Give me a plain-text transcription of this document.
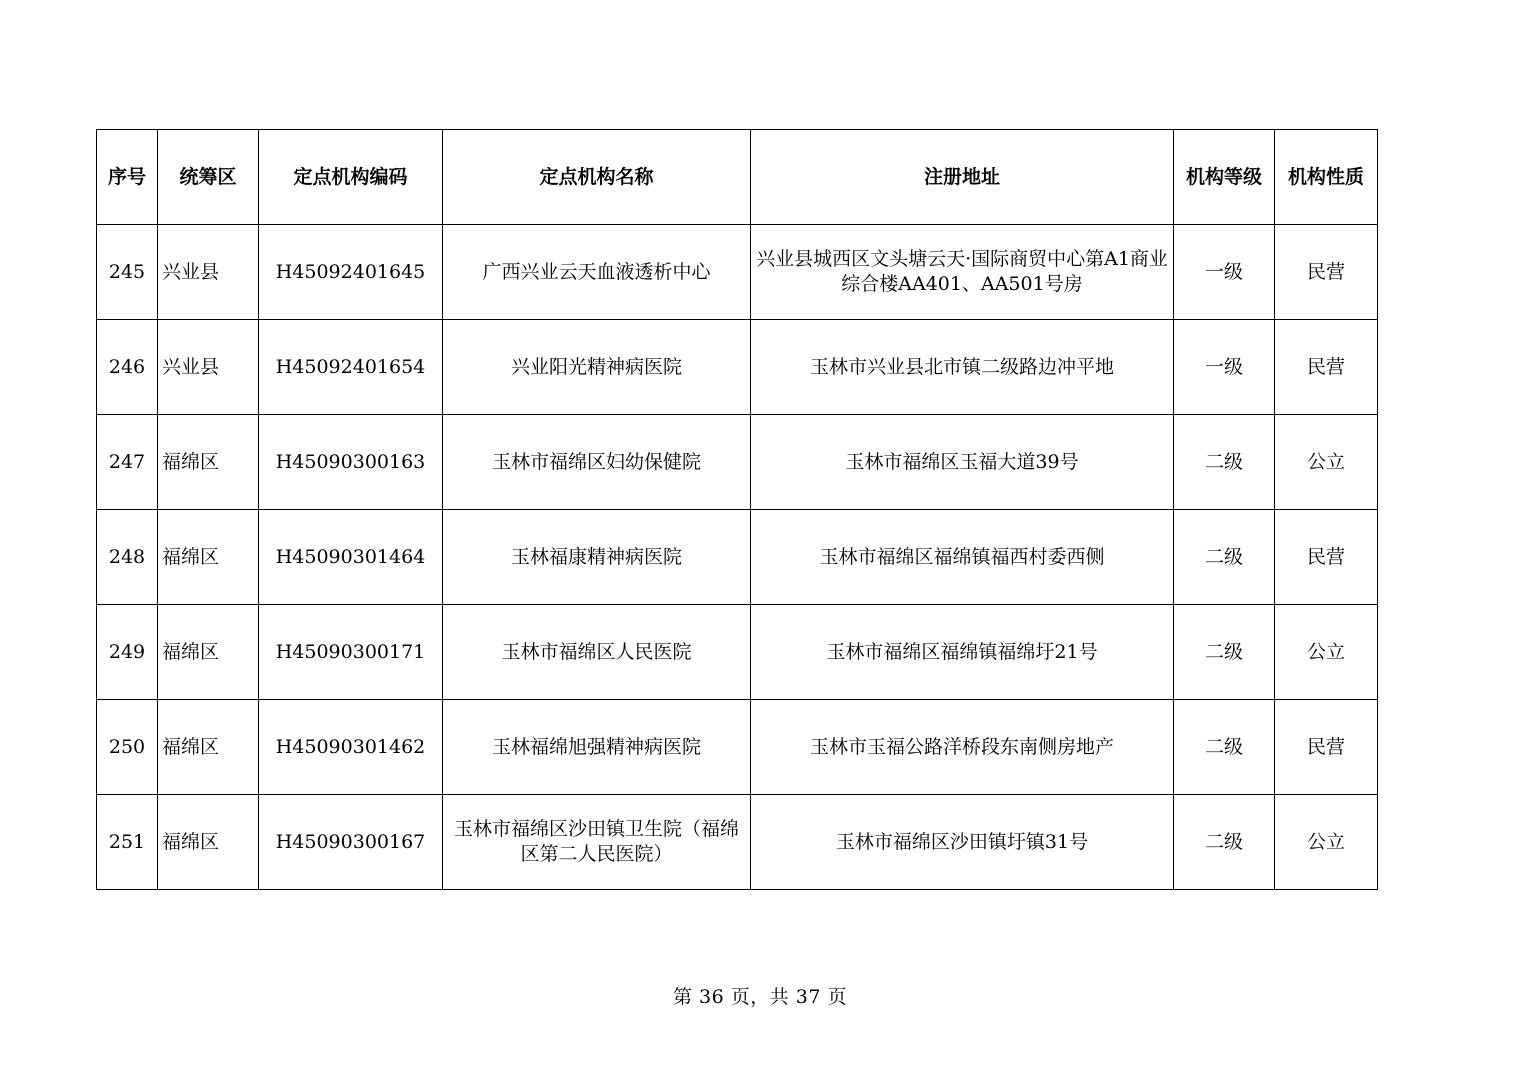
序号	统筹区	定点机构编码	定点机构名称	注册地址	机构等级	机构性质
245	兴业县	H45092401645	广西兴业云天血液透析中心	兴业县城西区文头塘云天·国际商贸中心第A1商业综合楼AA401、AA501号房	一级	民营
246	兴业县	H45092401654	兴业阳光精神病医院	玉林市兴业县北市镇二级路边冲平地	一级	民营
247	福绵区	H45090300163	玉林市福绵区妇幼保健院	玉林市福绵区玉福大道39号	二级	公立
248	福绵区	H45090301464	玉林福康精神病医院	玉林市福绵区福绵镇福西村委西侧	二级	民营
249	福绵区	H45090300171	玉林市福绵区人民医院	玉林市福绵区福绵镇福绵圩21号	二级	公立
250	福绵区	H45090301462	玉林福绵旭强精神病医院	玉林市玉福公路洋桥段东南侧房地产	二级	民营
251	福绵区	H45090300167	玉林市福绵区沙田镇卫生院（福绵区第二人民医院）	玉林市福绵区沙田镇圩镇31号	二级	公立
第 36 页，共 37 页
